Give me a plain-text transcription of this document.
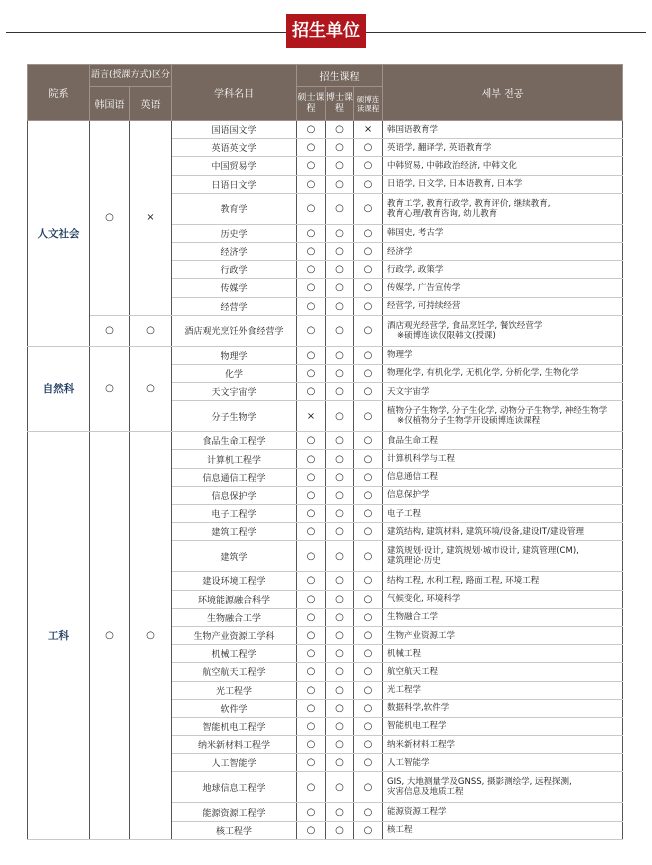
招生单位
院系	語言(授課方式)区分		学科名目	招生课程			세부 전공
	韩国语	英语		硕士课程	博士课程	硕博连读课程	
人文社会	○	×	国语国文学	○	○	×	韩国语教育学
			英语英文学	○	○	○	英语学, 翻译学, 英语教育学
			中国贸易学	○	○	○	中韩贸易, 中韩政治经济, 中韩文化
			日语日文学	○	○	○	日语学, 日文学, 日本语教育, 日本学
			教育学	○	○	○	教育工学, 教育行政学, 教育评价, 继续教育,
教育心理/教育咨询, 幼儿教育
			历史学	○	○	○	韩国史, 考古学
			经济学	○	○	○	经济学
			行政学	○	○	○	行政学, 政策学
			传媒学	○	○	○	传媒学, 广告宣传学
			经营学	○	○	○	经营学, 可持续经营
	○	○	酒店观光烹饪外食经营学	○	○	○	酒店观光经营学, 食品烹饪学, 餐饮经营学

※硕博连读仅限韩文(授课)

自然科	○	○	物理学	○	○	○	物理学
			化学	○	○	○	物理化学, 有机化学, 无机化学, 分析化学, 生物化学
			天文宇宙学	○	○	○	天文宇宙学
			分子生物学	×	○	○	植物分子生物学, 分子生化学, 动物分子生物学, 神经生物学

※仅植物分子生物学开设硕博连读课程

工科	○	○	食品生命工程学	○	○	○	食品生命工程
			计算机工程学	○	○	○	计算机科学与工程
			信息通信工程学	○	○	○	信息通信工程
			信息保护学	○	○	○	信息保护学
			电子工程学	○	○	○	电子工程
			建筑工程学	○	○	○	建筑结构, 建筑材料, 建筑环境/设备,建设IT/建设管理
			建筑学	○	○	○	建筑规划·设计, 建筑规划·城市设计, 建筑管理(CM),
建筑理论·历史
			建设环境工程学	○	○	○	结构工程, 水利工程, 路面工程, 环境工程
			环境能源融合科学	○	○	○	气候变化, 环境科学
			生物融合工学	○	○	○	生物融合工学
			生物产业资源工学科	○	○	○	生物产业资源工学
			机械工程学	○	○	○	机械工程
			航空航天工程学	○	○	○	航空航天工程
			光工程学	○	○	○	光工程学
			软件学	○	○	○	数据科学,软件学
			智能机电工程学	○	○	○	智能机电工程学
			纳米新材料工程学	○	○	○	纳米新材料工程学
			人工智能学	○	○	○	人工智能学
			地球信息工程学	○	○	○	GIS, 大地测量学及GNSS, 摄影测绘学, 远程探测,
灾害信息及地质工程
			能源资源工程学	○	○	○	能源资源工程学
			核工程学	○	○	○	核工程
